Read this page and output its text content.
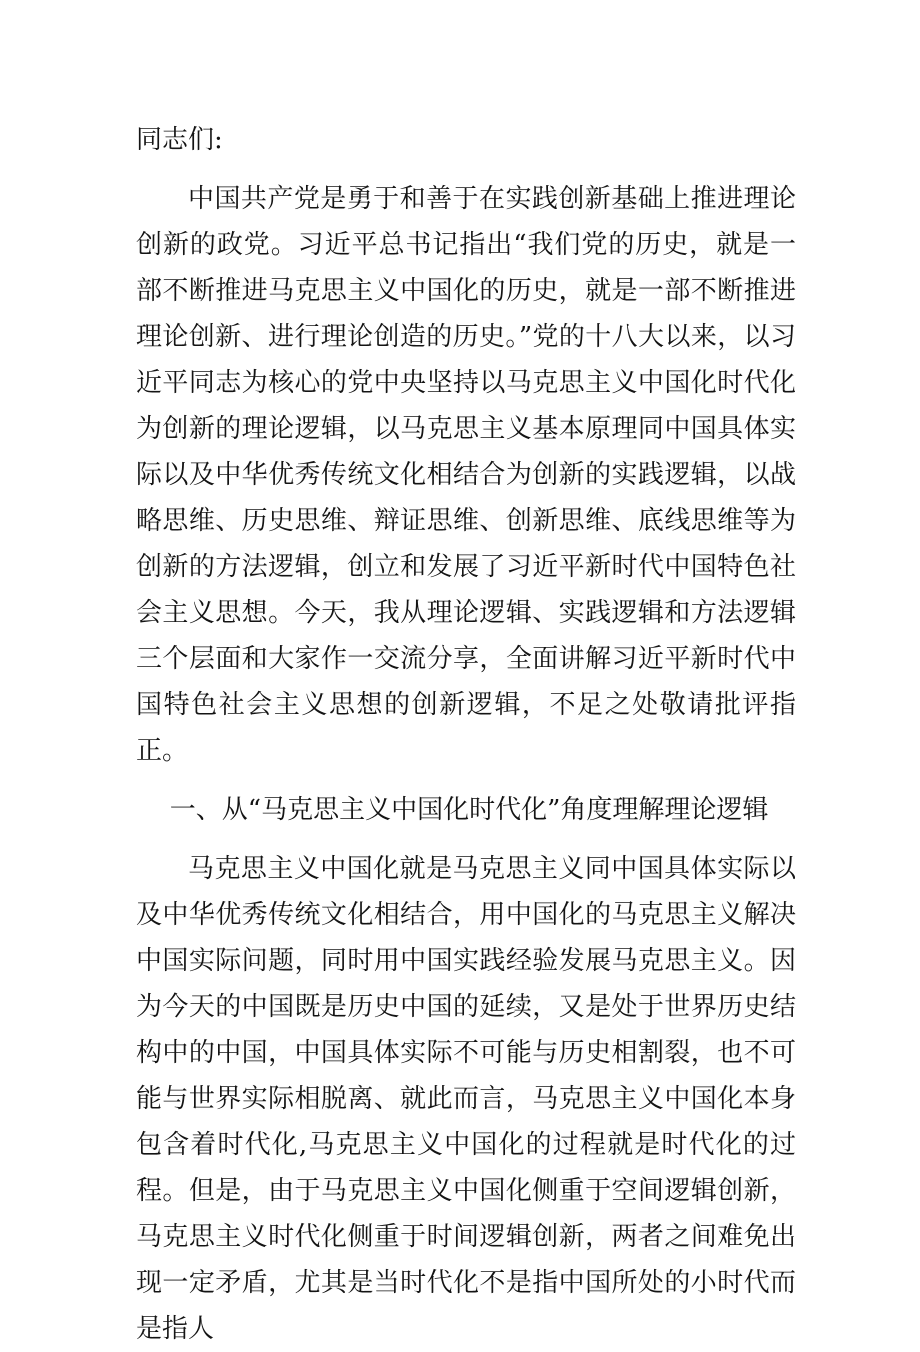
同志们:

中国共产党是勇于和善于在实践创新基础上推进理论创新的政党。习近平总书记指出“我们党的历史，就是一部不断推进马克思主义中国化的历史，就是一部不断推进理论创新、进行理论创造的历史。”党的十八大以来，以习近平同志为核心的党中央坚持以马克思主义中国化时代化为创新的理论逻辑，以马克思主义基本原理同中国具体实际以及中华优秀传统文化相结合为创新的实践逻辑，以战略思维、历史思维、辩证思维、创新思维、底线思维等为创新的方法逻辑，创立和发展了习近平新时代中国特色社会主义思想。今天，我从理论逻辑、实践逻辑和方法逻辑三个层面和大家作一交流分享，全面讲解习近平新时代中国特色社会主义思想的创新逻辑，不足之处敬请批评指正。

一、从“马克思主义中国化时代化”角度理解理论逻辑

马克思主义中国化就是马克思主义同中国具体实际以及中华优秀传统文化相结合，用中国化的马克思主义解决中国实际问题，同时用中国实践经验发展马克思主义。因为今天的中国既是历史中国的延续，又是处于世界历史结构中的中国，中国具体实际不可能与历史相割裂，也不可能与世界实际相脱离、就此而言，马克思主义中国化本身包含着时代化,马克思主义中国化的过程就是时代化的过程。但是，由于马克思主义中国化侧重于空间逻辑创新，马克思主义时代化侧重于时间逻辑创新，两者之间难免出现一定矛盾，尤其是当时代化不是指中国所处的小时代而是指人
